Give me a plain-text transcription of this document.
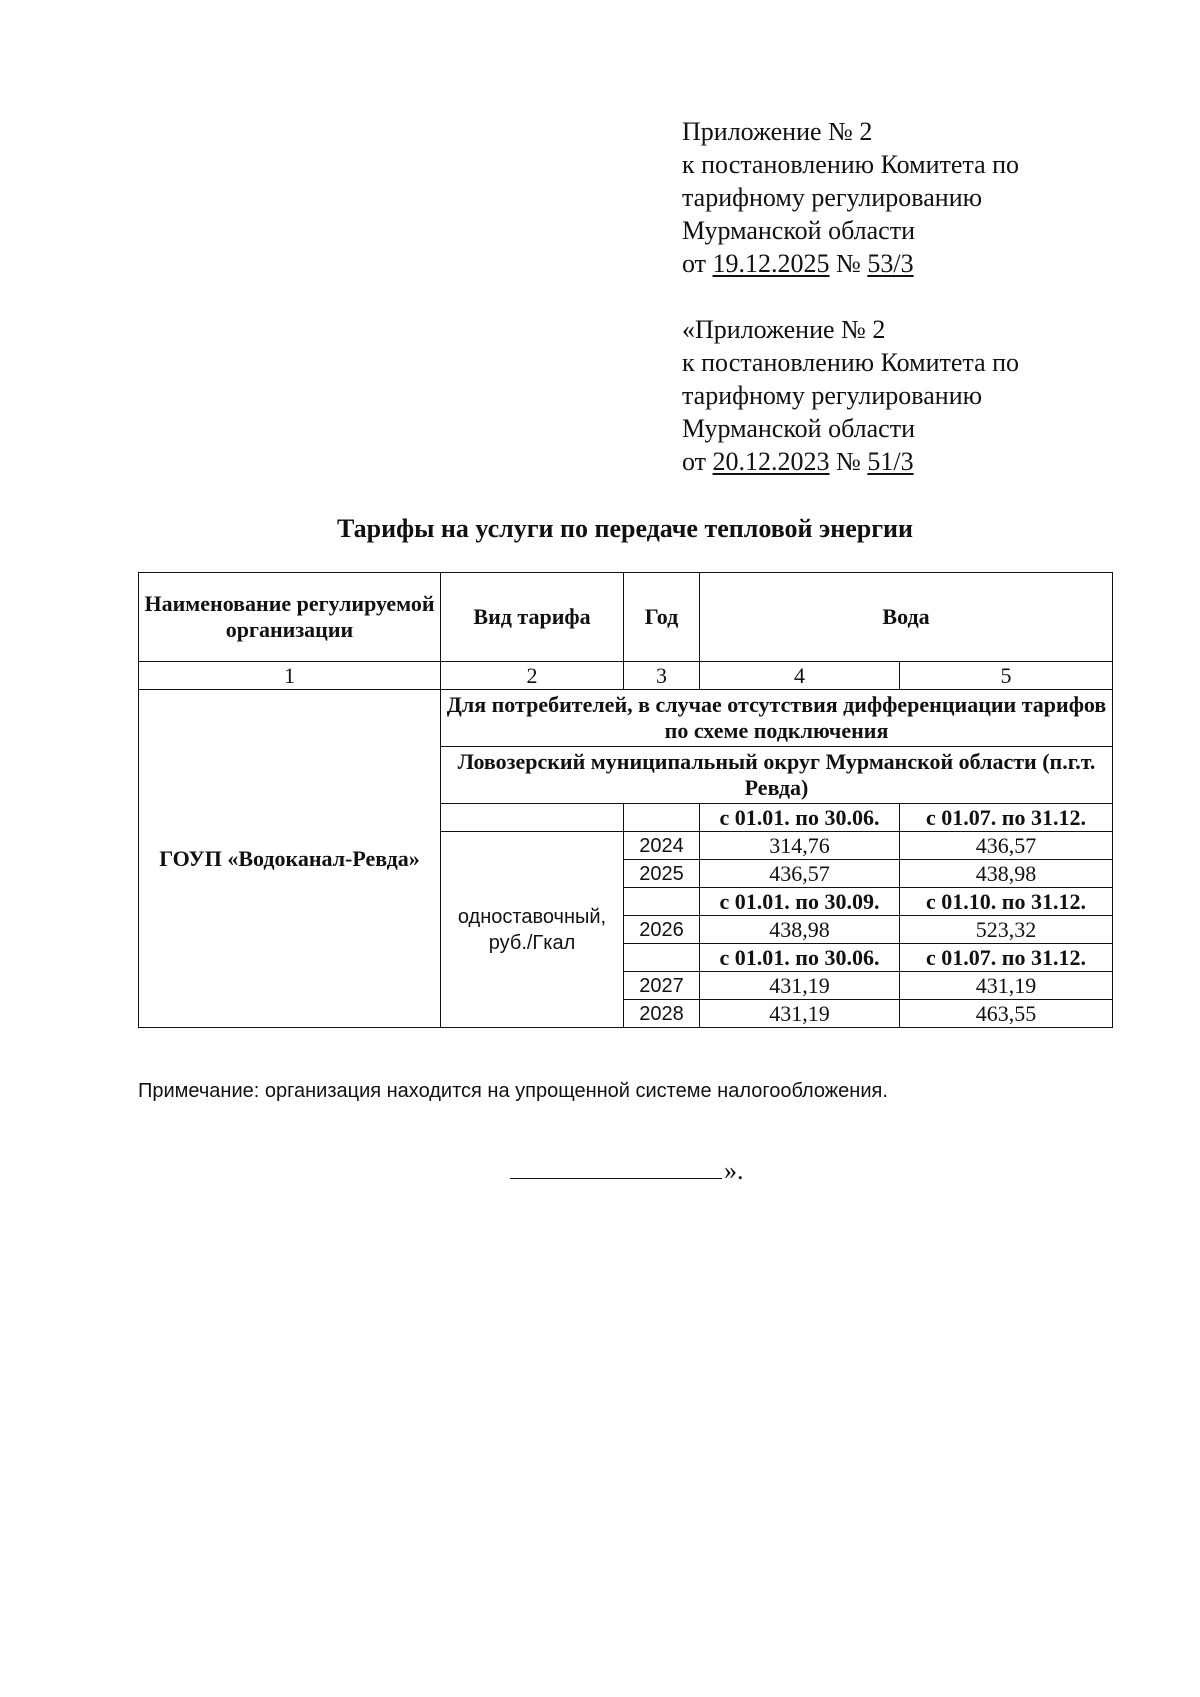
Приложение № 2
к постановлению Комитета по
тарифному регулированию
Мурманской области
от 19.12.2025 № 53/3
«Приложение № 2
к постановлению Комитета по
тарифному регулированию
Мурманской области
от 20.12.2023 № 51/3
Тарифы на услуги по передаче тепловой энергии
Наименование регулируемой организации	Вид тарифа	Год	Вода	
1	2	3	4	5
ГОУП «Водоканал-Ревда»	Для потребителей, в случае отсутствия дифференциации тарифов по схеме подключения			
	Ловозерский муниципальный округ Мурманской области (п.г.т. Ревда)			
			с 01.01. по 30.06.	с 01.07. по 31.12.
	одноставочный, руб./Гкал	2024	314,76	436,57
		2025	436,57	438,98
			с 01.01. по 30.09.	с 01.10. по 31.12.
		2026	438,98	523,32
			с 01.01. по 30.06.	с 01.07. по 31.12.
		2027	431,19	431,19
		2028	431,19	463,55
Примечание: организация находится на упрощенной системе налогообложения.
».
